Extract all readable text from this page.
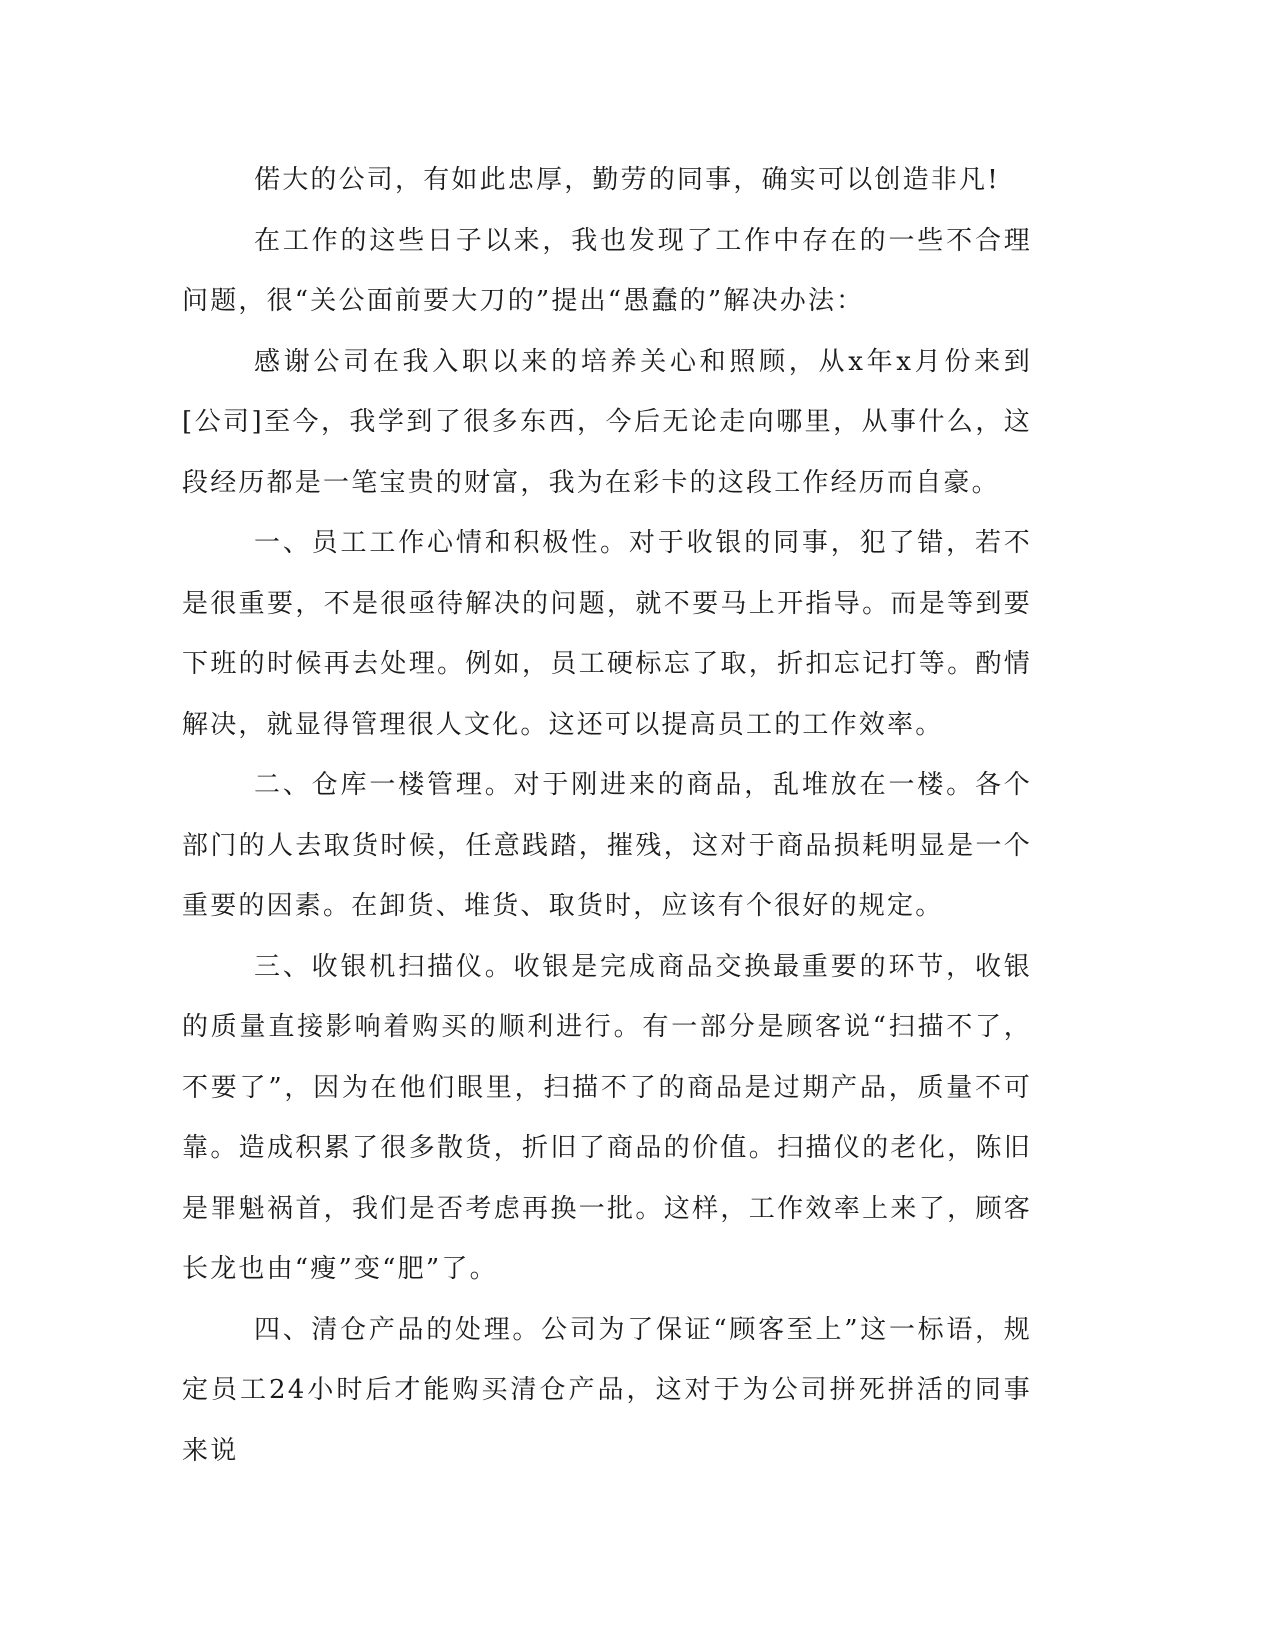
偌大的公司，有如此忠厚，勤劳的同事，确实可以创造非凡!

在工作的这些日子以来，我也发现了工作中存在的一些不合理问题，很“关公面前要大刀的”提出“愚蠢的”解决办法：

感谢公司在我入职以来的培养关心和照顾，从x年x月份来到[公司]至今，我学到了很多东西，今后无论走向哪里，从事什么，这段经历都是一笔宝贵的财富，我为在彩卡的这段工作经历而自豪。

一、员工工作心情和积极性。对于收银的同事，犯了错，若不是很重要，不是很亟待解决的问题，就不要马上开指导。而是等到要下班的时候再去处理。例如，员工硬标忘了取，折扣忘记打等。酌情解决，就显得管理很人文化。这还可以提高员工的工作效率。

二、仓库一楼管理。对于刚进来的商品，乱堆放在一楼。各个部门的人去取货时候，任意践踏，摧残，这对于商品损耗明显是一个重要的因素。在卸货、堆货、取货时，应该有个很好的规定。

三、收银机扫描仪。收银是完成商品交换最重要的环节，收银的质量直接影响着购买的顺利进行。有一部分是顾客说“扫描不了，不要了”，因为在他们眼里，扫描不了的商品是过期产品，质量不可靠。造成积累了很多散货，折旧了商品的价值。扫描仪的老化，陈旧是罪魁祸首，我们是否考虑再换一批。这样，工作效率上来了，顾客长龙也由“瘦”变“肥”了。

四、清仓产品的处理。公司为了保证“顾客至上”这一标语，规定员工24小时后才能购买清仓产品，这对于为公司拼死拼活的同事来说
